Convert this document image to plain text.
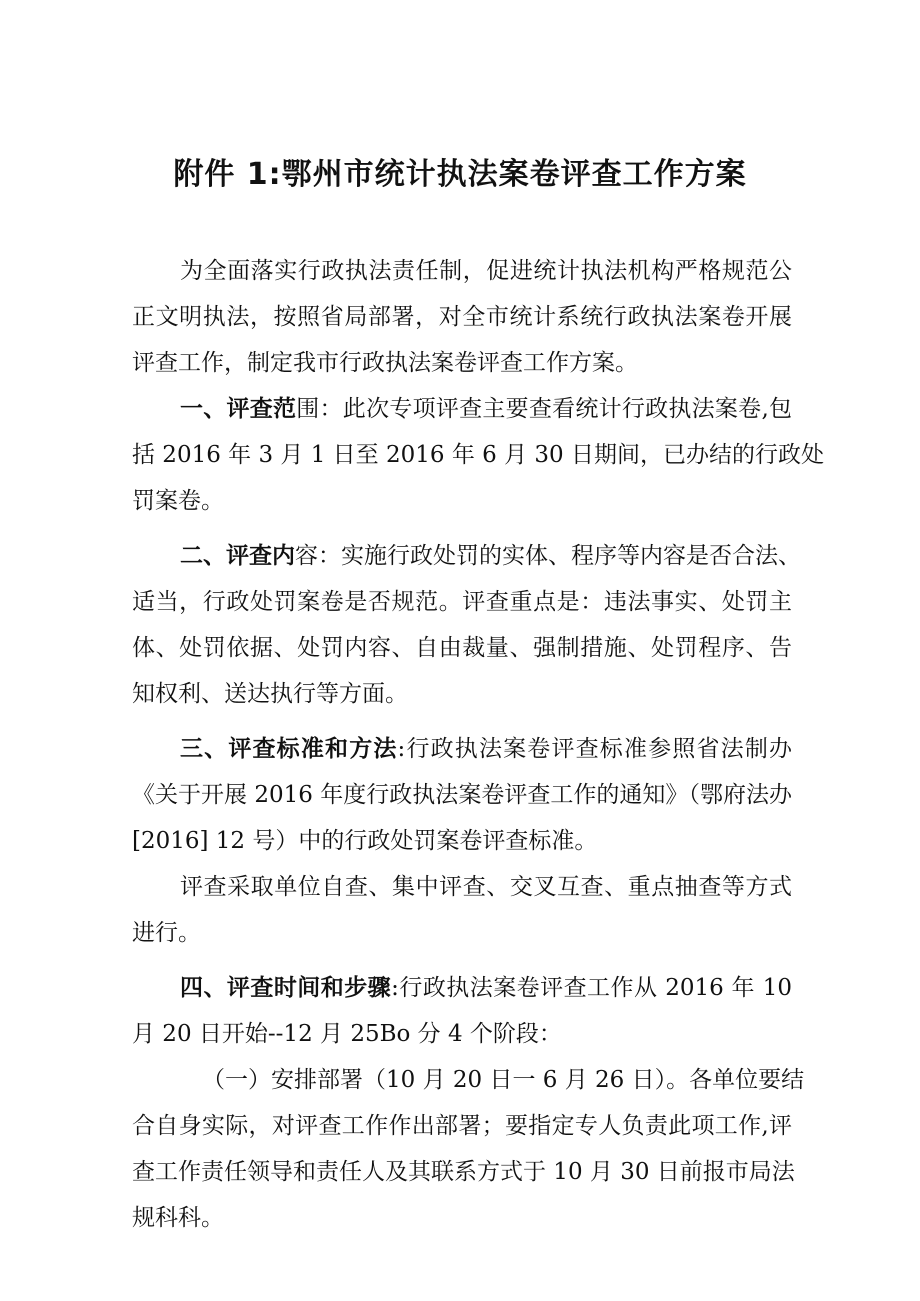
附件 1:鄂州市统计执法案卷评查工作方案
为全面落实行政执法责任制，促进统计执法机构严格规范公
正文明执法，按照省局部署，对全市统计系统行政执法案卷开展
评查工作，制定我市行政执法案卷评查工作方案。
一、评查范围：此次专项评查主要查看统计行政执法案卷,包
括 2016 年 3 月 1 日至 2016 年 6 月 30 日期间，已办结的行政处
罚案卷。
二、评查内容：实施行政处罚的实体、程序等内容是否合法、
适当，行政处罚案卷是否规范。评查重点是：违法事实、处罚主
体、处罚依据、处罚内容、自由裁量、强制措施、处罚程序、告
知权利、送达执行等方面。
三、评查标准和方法:行政执法案卷评查标准参照省法制办
《关于开展 2016 年度行政执法案卷评查工作的通知》（鄂府法办
[2016] 12 号）中的行政处罚案卷评查标准。
评查采取单位自查、集中评查、交叉互查、重点抽查等方式
进行。
四、评查时间和步骤:行政执法案卷评查工作从 2016 年 10
月 20 日开始--12 月 25Bo 分 4 个阶段：
（一）安排部署（10 月 20 日一 6 月 26 日）。各单位要结
合自身实际，对评查工作作出部署；要指定专人负责此项工作,评
查工作责任领导和责任人及其联系方式于 10 月 30 日前报市局法
规科科。
